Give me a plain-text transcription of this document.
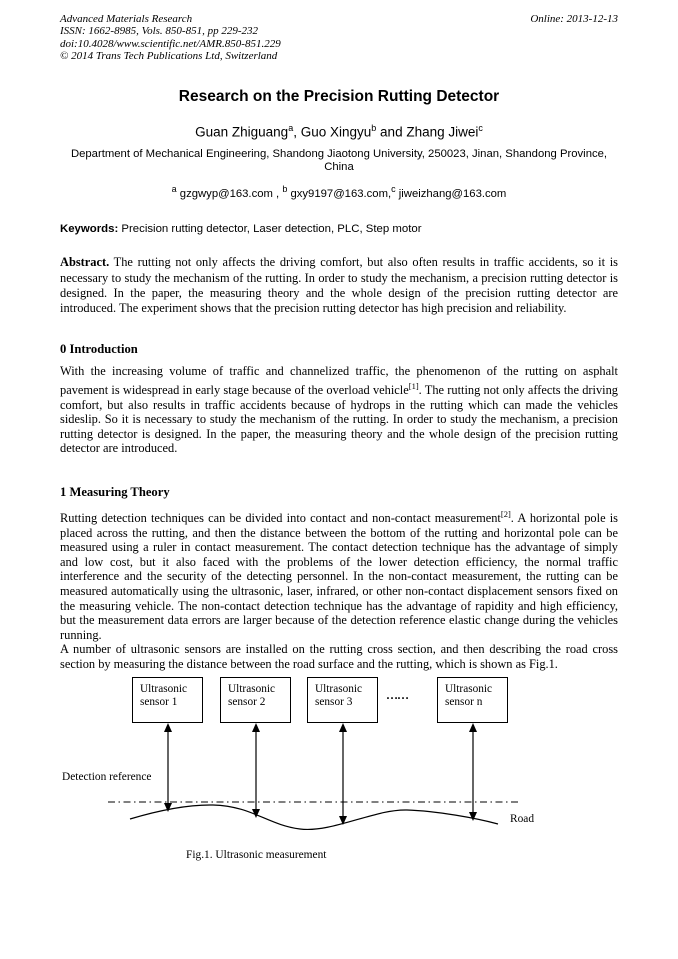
Advanced Materials Research
ISSN: 1662-8985, Vols. 850-851, pp 229-232
doi:10.4028/www.scientific.net/AMR.850-851.229
© 2014 Trans Tech Publications Ltd, Switzerland
Online: 2013-12-13
Research on the Precision Rutting Detector
Guan Zhiguang$^a$, Guo Xingyu$^b$ and Zhang Jiwei$^c$
Department of Mechanical Engineering, Shandong Jiaotong University, 250023, Jinan, Shandong Province, China
$^a$ gzgwyp@163.com , $^b$ gxy9197@163.com,$^c$ jiweizhang@163.com
Keywords: Precision rutting detector, Laser detection, PLC, Step motor
Abstract. The rutting not only affects the driving comfort, but also often results in traffic accidents, so it is necessary to study the mechanism of the rutting. In order to study the mechanism, a precision rutting detector is designed. In the paper, the measuring theory and the whole design of the precision rutting detector are introduced. The experiment shows that the precision rutting detector has high precision and reliability.
0 Introduction
With the increasing volume of traffic and channelized traffic, the phenomenon of the rutting on asphalt pavement is widespread in early stage because of the overload vehicle[1]. The rutting not only affects the driving comfort, but also results in traffic accidents because of hydrops in the rutting which can made the vehicles sideslip. So it is necessary to study the mechanism of the rutting. In order to study the mechanism, a precision rutting detector is designed. In the paper, the measuring theory and the whole design of the precision rutting detector are introduced.
1 Measuring Theory
Rutting detection techniques can be divided into contact and non-contact measurement[2]. A horizontal pole is placed across the rutting, and then the distance between the bottom of the rutting and horizontal pole can be measured using a ruler in contact measurement. The contact detection technique has the advantage of simply and low cost, but it also faced with the problems of the lower detection efficiency, the normal traffic interference and the security of the detecting personnel. In the non-contact measurement, the rutting can be measured automatically using the ultrasonic, laser, infrared, or other non-contact displacement sensors fixed on the measuring vehicle. The non-contact detection technique has the advantage of rapidity and high efficiency, but the measurement data errors are larger because of the detection reference elastic change during the vehicles running.
A number of ultrasonic sensors are installed on the rutting cross section, and then describing the road cross section by measuring the distance between the road surface and the rutting, which is shown as Fig.1.
Ultrasonic sensor 1
Ultrasonic sensor 2
Ultrasonic sensor 3
Ultrasonic sensor n
……
Detection reference
Road
Fig.1. Ultrasonic measurement
